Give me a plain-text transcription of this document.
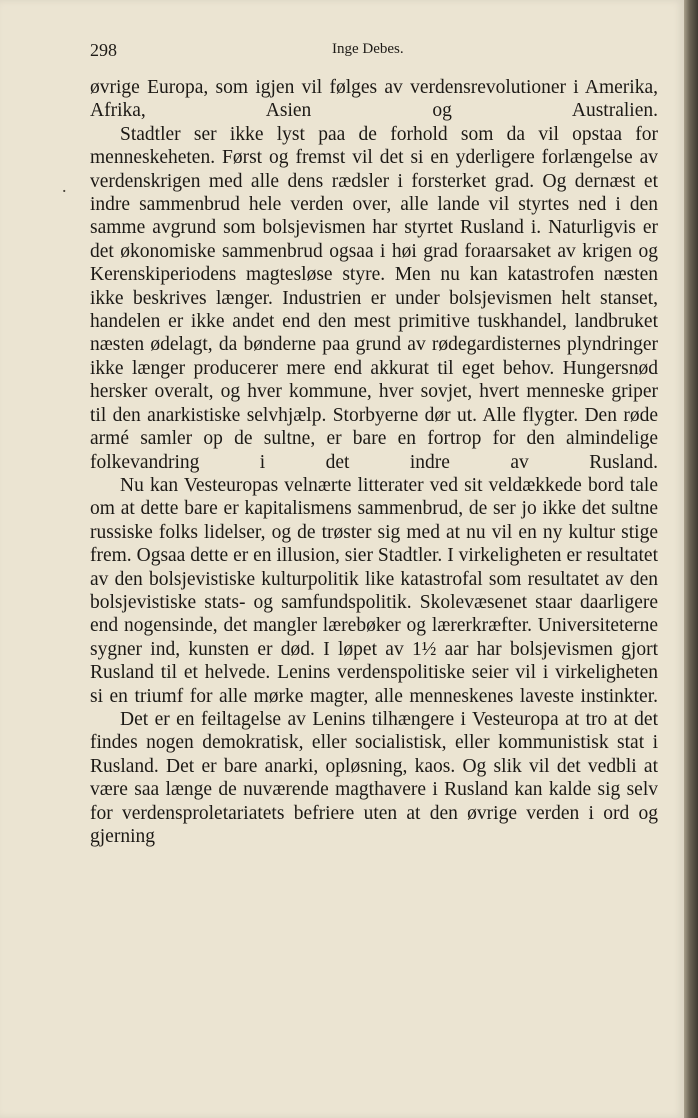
.
298	Inge Debes.

øvrige Europa, som igjen vil følges av verdensrevolutioner i Amerika, Afrika, Asien og Australien.

Stadtler ser ikke lyst paa de forhold som da vil opstaa for menneskeheten. Først og fremst vil det si en yderligere forlængelse av verdenskrigen med alle dens rædsler i forsterket grad. Og dernæst et indre sammenbrud hele verden over, alle lande vil styrtes ned i den samme avgrund som bolsjevismen har styrtet Rusland i. Naturligvis er det økonomiske sammenbrud ogsaa i høi grad foraarsaket av krigen og Kerenskiperiodens magtesløse styre. Men nu kan katastrofen næsten ikke beskrives længer. Industrien er under bolsjevismen helt stanset, handelen er ikke andet end den mest primitive tuskhandel, landbruket næsten ødelagt, da bønderne paa grund av rødegardisternes plyndringer ikke længer producerer mere end akkurat til eget behov. Hungersnød hersker overalt, og hver kommune, hver sovjet, hvert menneske griper til den anarkistiske selvhjælp. Storbyerne dør ut. Alle flygter. Den røde armé samler op de sultne, er bare en fortrop for den almindelige folkevandring i det indre av Rusland.

Nu kan Vesteuropas velnærte litterater ved sit veldækkede bord tale om at dette bare er kapitalismens sammenbrud, de ser jo ikke det sultne russiske folks lidelser, og de trøster sig med at nu vil en ny kultur stige frem. Ogsaa dette er en illusion, sier Stadtler. I virkeligheten er resultatet av den bolsjevistiske kulturpolitik like katastrofal som resultatet av den bolsjevistiske stats- og samfundspolitik. Skolevæsenet staar daarligere end nogensinde, det mangler lærebøker og lærerkræfter. Universiteterne sygner ind, kunsten er død. I løpet av 1½ aar har bolsjevismen gjort Rusland til et helvede. Lenins verdenspolitiske seier vil i virkeligheten si en triumf for alle mørke magter, alle menneskenes laveste instinkter.

Det er en feiltagelse av Lenins tilhængere i Vesteuropa at tro at det findes nogen demokratisk, eller socialistisk, eller kommunistisk stat i Rusland. Det er bare anarki, opløsning, kaos. Og slik vil det vedbli at være saa længe de nuværende magthavere i Rusland kan kalde sig selv for verdensproletariatets befriere uten at den øvrige verden i ord og gjerning
